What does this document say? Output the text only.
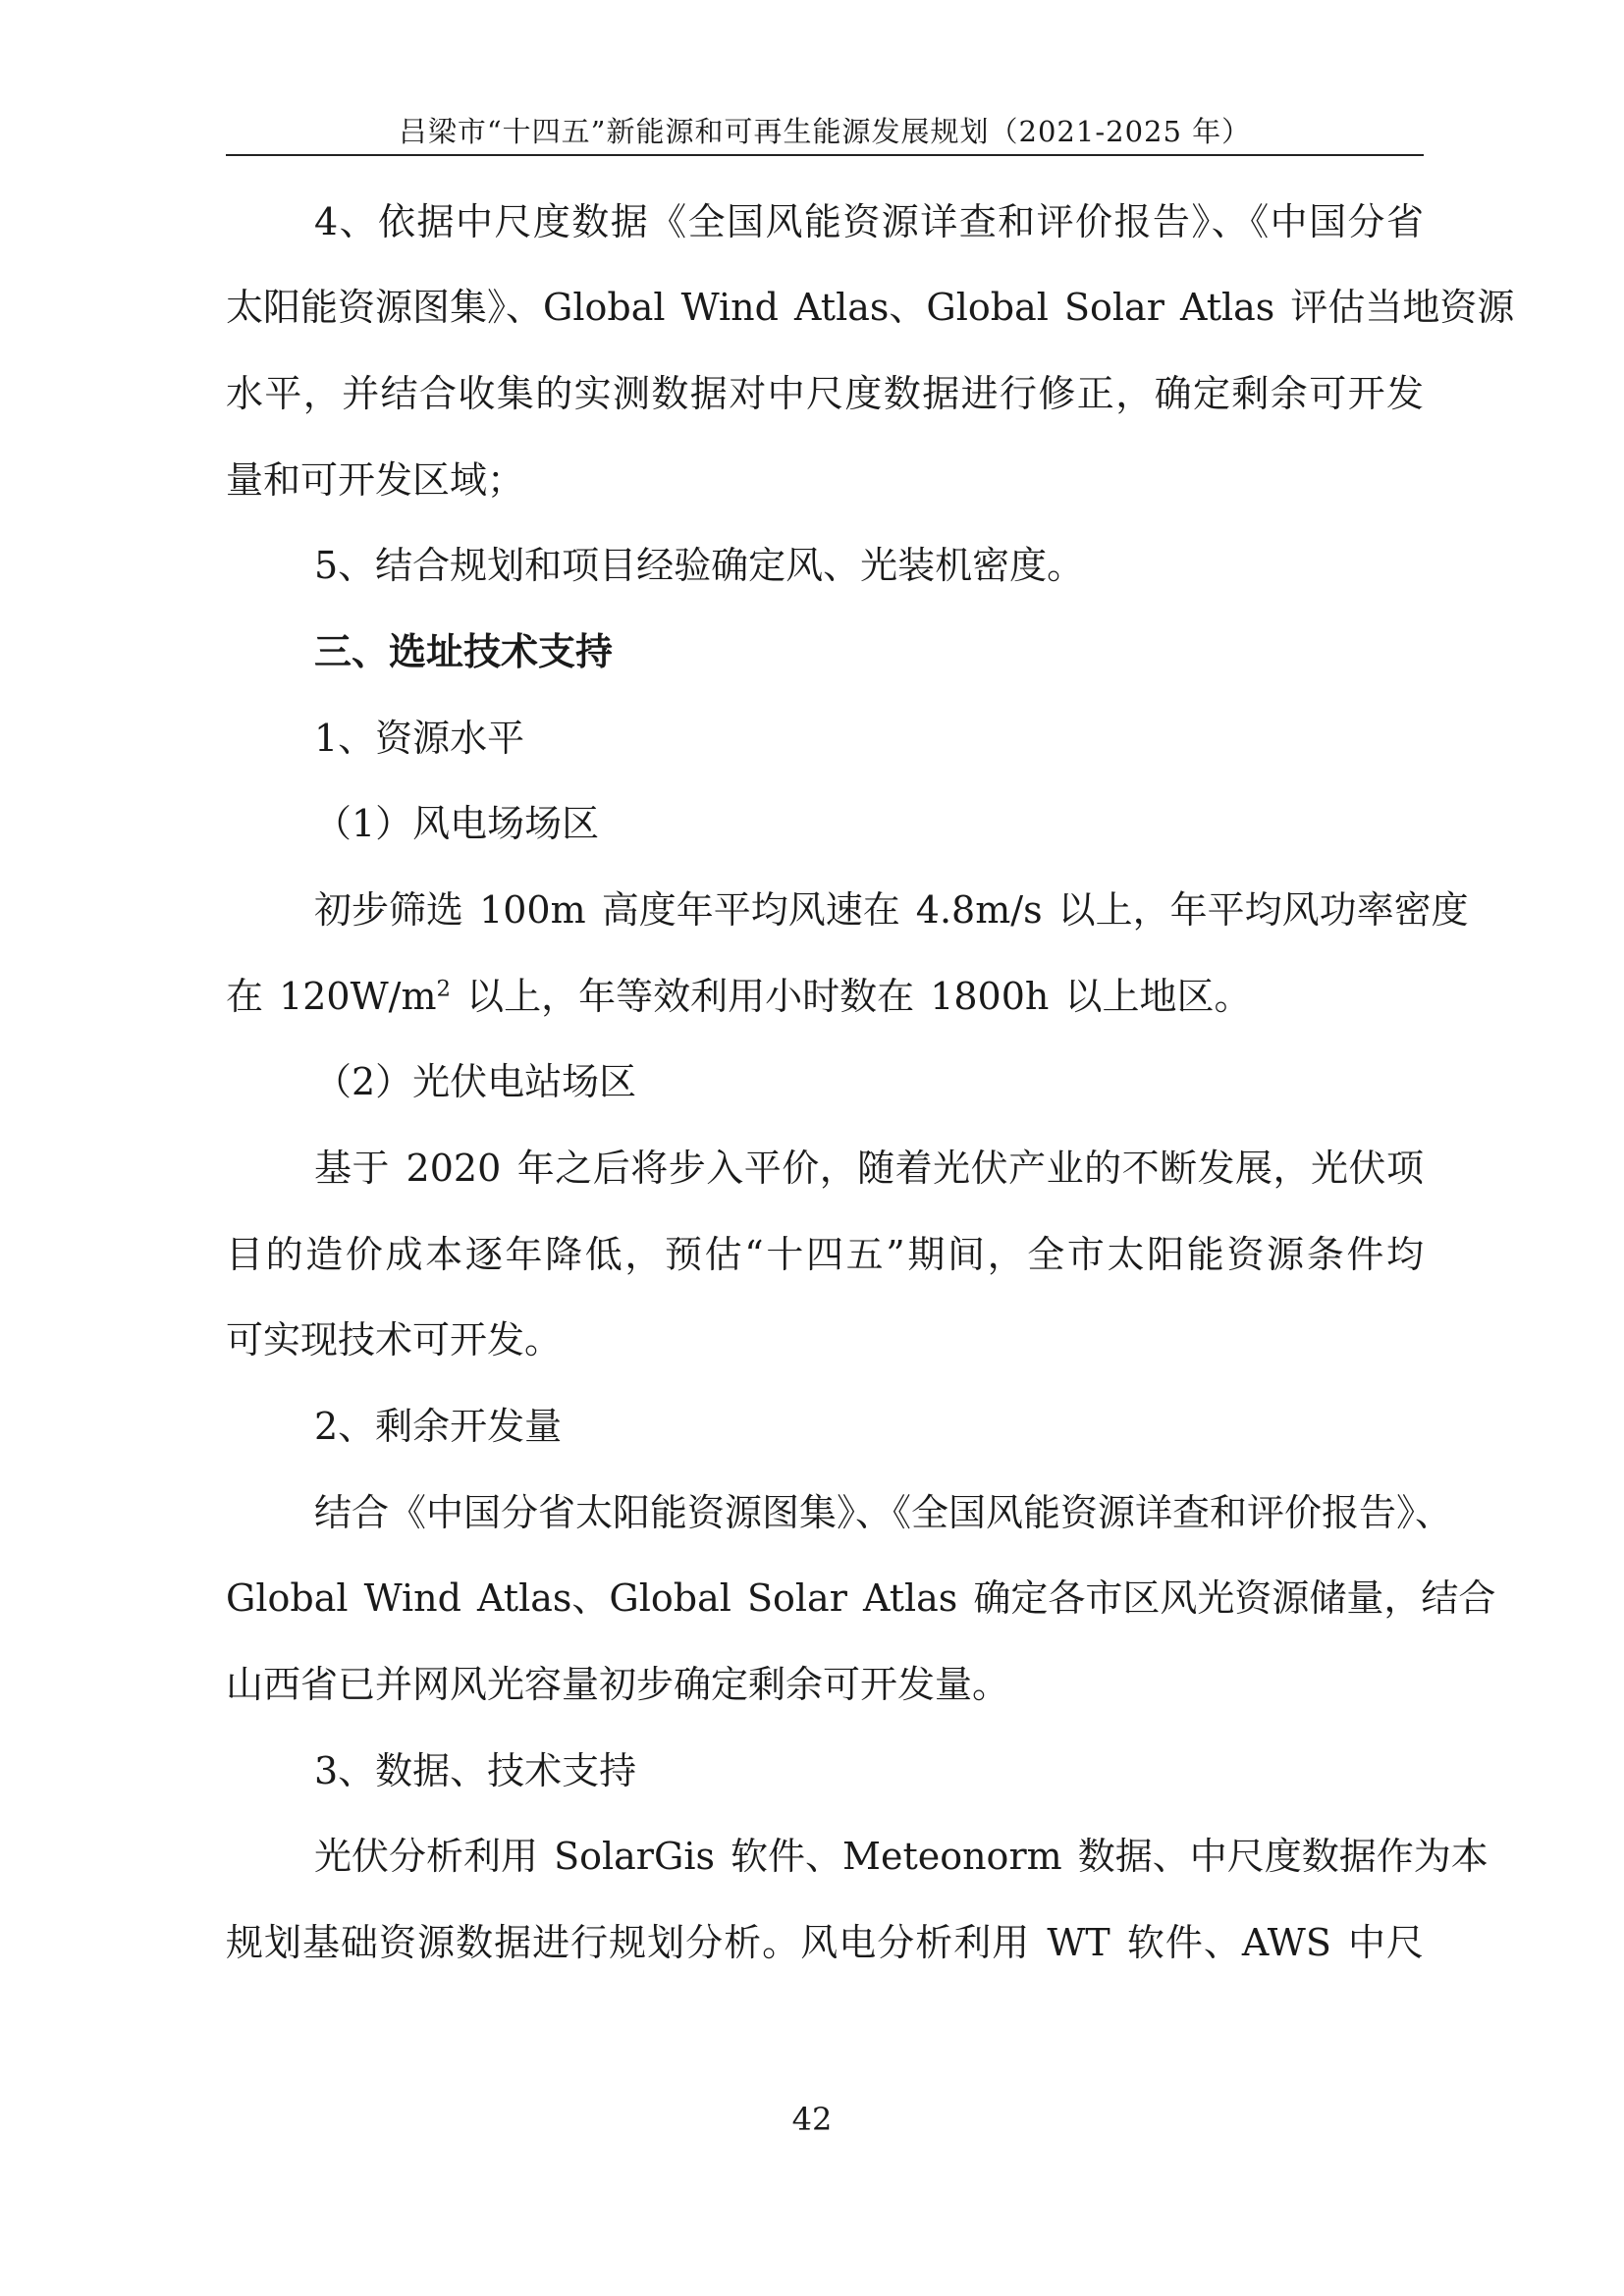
吕梁市“十四五”新能源和可再生能源发展规划（2021-2025 年）
4、依据中尺度数据《全国风能资源详查和评价报告》、《中国分省
太阳能资源图集》、Global Wind Atlas、Global Solar Atlas 评估当地资源
水平，并结合收集的实测数据对中尺度数据进行修正，确定剩余可开发
量和可开发区域；
5、结合规划和项目经验确定风、光装机密度。
三、选址技术支持
1、资源水平
（1）风电场场区
初步筛选 100m 高度年平均风速在 4.8m/s 以上，年平均风功率密度
在 $120W/m^2$ 以上，年等效利用小时数在 1800h 以上地区。
（2）光伏电站场区
基于 2020 年之后将步入平价，随着光伏产业的不断发展，光伏项
目的造价成本逐年降低，预估“十四五”期间，全市太阳能资源条件均
可实现技术可开发。
2、剩余开发量
结合《中国分省太阳能资源图集》、《全国风能资源详查和评价报告》、
Global Wind Atlas、Global Solar Atlas 确定各市区风光资源储量，结合
山西省已并网风光容量初步确定剩余可开发量。
3、数据、技术支持
光伏分析利用 SolarGis 软件、Meteonorm 数据、中尺度数据作为本
规划基础资源数据进行规划分析。风电分析利用 WT 软件、AWS 中尺
42
